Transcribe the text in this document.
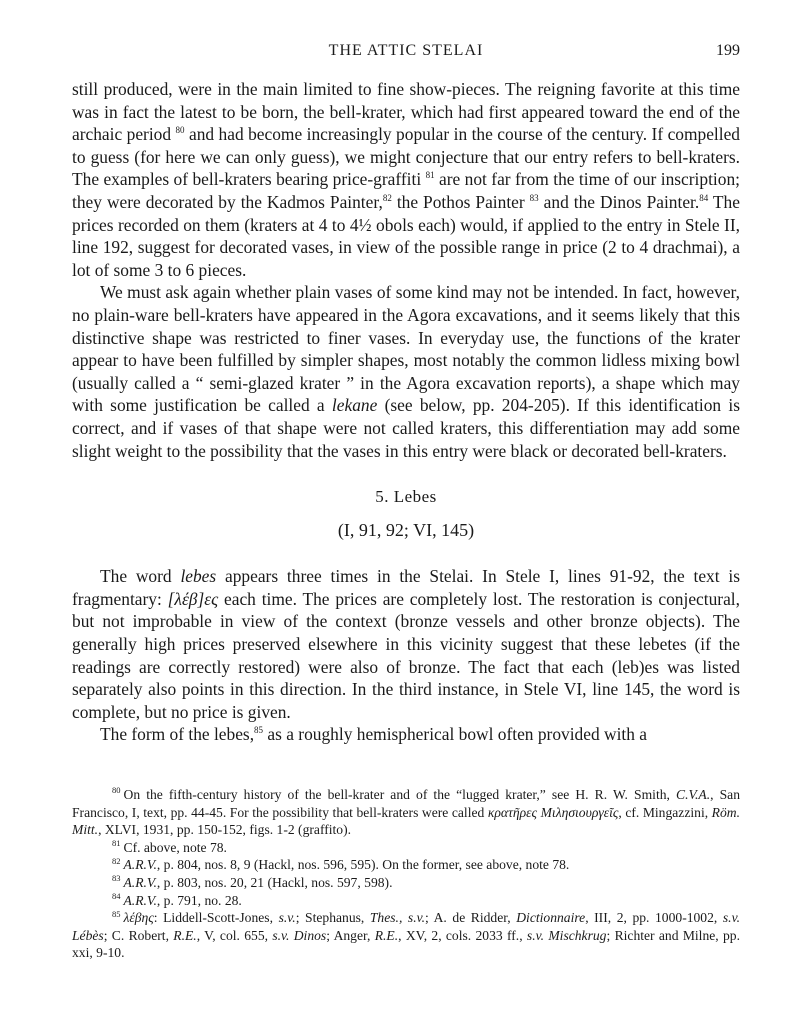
THE ATTIC STELAI	199

still produced, were in the main limited to fine show-pieces. The reigning favorite at this time was in fact the latest to be born, the bell-krater, which had first appeared toward the end of the archaic period $^{80}$ and had become increasingly popular in the course of the century. If compelled to guess (for here we can only guess), we might conjecture that our entry refers to bell-kraters. The examples of bell-kraters bearing price-graffiti $^{81}$ are not far from the time of our inscription; they were decorated by the Kadmos Painter,$^{82}$ the Pothos Painter $^{83}$ and the Dinos Painter.$^{84}$ The prices recorded on them (kraters at 4 to 4½ obols each) would, if applied to the entry in Stele II, line 192, suggest for decorated vases, in view of the possible range in price (2 to 4 drachmai), a lot of some 3 to 6 pieces.

We must ask again whether plain vases of some kind may not be intended. In fact, however, no plain-ware bell-kraters have appeared in the Agora excavations, and it seems likely that this distinctive shape was restricted to finer vases. In everyday use, the functions of the krater appear to have been fulfilled by simpler shapes, most notably the common lidless mixing bowl (usually called a “ semi-glazed krater ” in the Agora excavation reports), a shape which may with some justification be called a lekane (see below, pp. 204-205). If this identification is correct, and if vases of that shape were not called kraters, this differentiation may add some slight weight to the possibility that the vases in this entry were black or decorated bell-kraters.

5. Lebes
(I, 91, 92; VI, 145)

The word lebes appears three times in the Stelai. In Stele I, lines 91-92, the text is fragmentary: [λέβ]ες each time. The prices are completely lost. The restoration is conjectural, but not improbable in view of the context (bronze vessels and other bronze objects). The generally high prices preserved elsewhere in this vicinity suggest that these lebetes (if the readings are correctly restored) were also of bronze. The fact that each (leb)es was listed separately also points in this direction. In the third instance, in Stele VI, line 145, the word is complete, but no price is given.

The form of the lebes,$^{85}$ as a roughly hemispherical bowl often provided with a

$^{80}$ On the fifth-century history of the bell-krater and of the “lugged krater,” see H. R. W. Smith, C.V.A., San Francisco, I, text, pp. 44-45. For the possibility that bell-kraters were called κρατῆρες Μιλησιουργεῖς, cf. Mingazzini, Röm. Mitt., XLVI, 1931, pp. 150-152, figs. 1-2 (graffito).

$^{81}$ Cf. above, note 78.

$^{82}$ A.R.V., p. 804, nos. 8, 9 (Hackl, nos. 596, 595). On the former, see above, note 78.

$^{83}$ A.R.V., p. 803, nos. 20, 21 (Hackl, nos. 597, 598).

$^{84}$ A.R.V., p. 791, no. 28.

$^{85}$ λέβης: Liddell-Scott-Jones, s.v.; Stephanus, Thes., s.v.; A. de Ridder, Dictionnaire, III, 2, pp. 1000-1002, s.v. Lébès; C. Robert, R.E., V, col. 655, s.v. Dinos; Anger, R.E., XV, 2, cols. 2033 ff., s.v. Mischkrug; Richter and Milne, pp. xxi, 9-10.
